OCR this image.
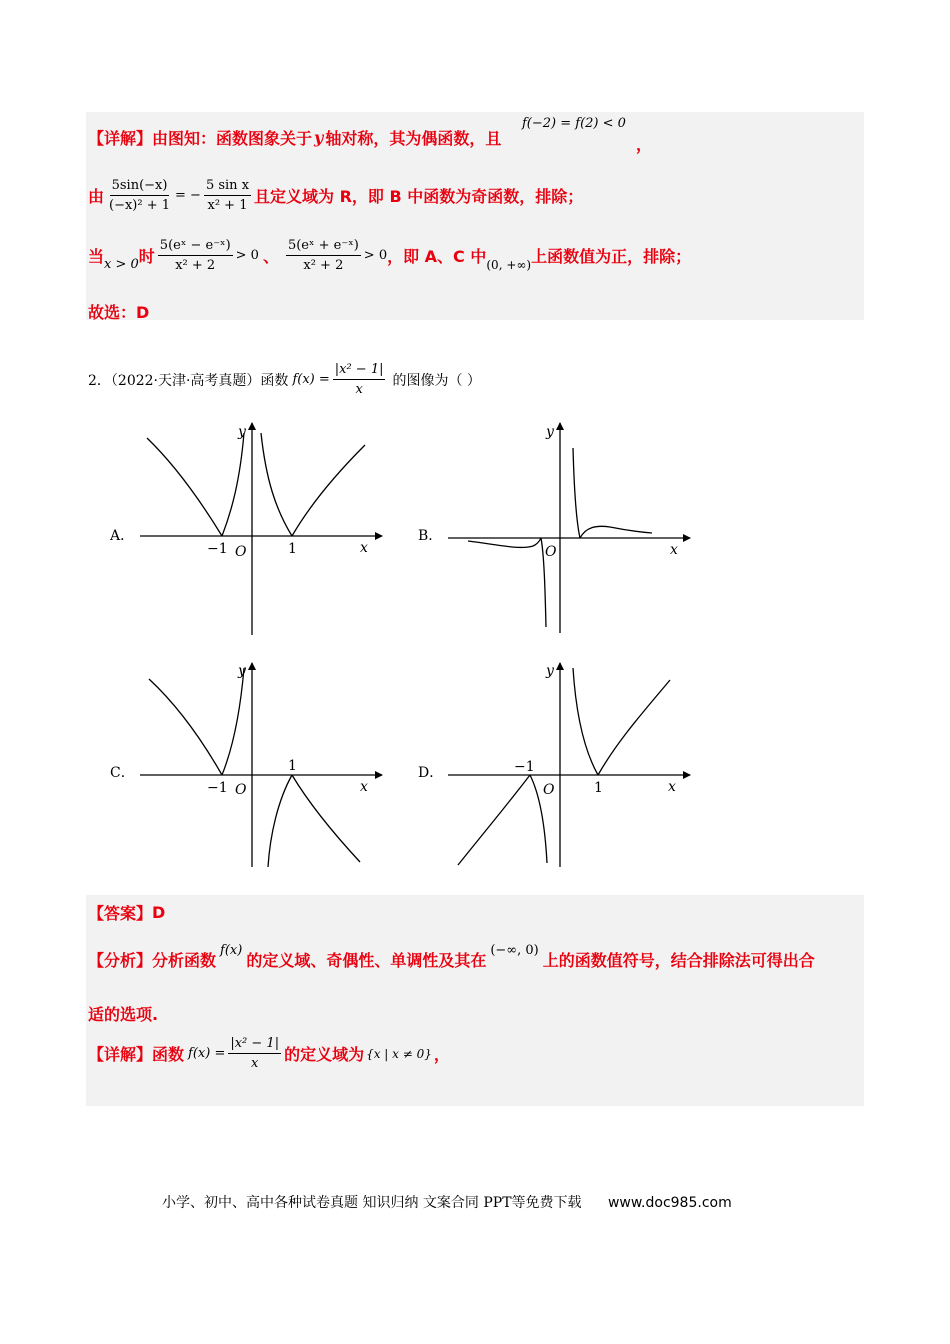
【详解】 由图知：函数图象关于 y 轴对称，其为偶函数，且
f(−2) = f(2) < 0
，
由 $\frac{5\sin(-x)}{\text{(−x)² + 1}}$ = − $\frac{\text{5 sin x}}{\text{x² + 1}}$ 且定义域为 R，即 B 中函数为奇函数，排除；
当 x > 0 时 $\frac{\text{5(eˣ − e⁻ˣ)}}{\text{x² + 2}} > 0$ 、 $\frac{\text{5(eˣ + e⁻ˣ)}}{\text{x² + 2}} > 0$ ，即 A、C 中 (0, +∞) 上函数值为正，排除；
故选：D
2．（2022·天津·高考真题）函数 $f(x) = \frac{\text{|x² − 1|}}{x}$ 的图像为（ ）
A．
y
x
O
−1	1
B．
y
x
O
C．
y
x
O
−1
1	D．
y
x
O
−1
1
【答案】 D
【分析】 分析函数
f(x)
的定义域、奇偶性、单调性及其在
(−∞, 0)
上的函数值符号，结合排除法可得出合
适的选项.
【详解】 函数 $f(x) = \frac{\text{|x² − 1|}}{x}$ 的定义域为 {x | x ≠ 0} ，
小学、初中、高中各种试卷真题 知识归纳 文案合同 PPT等免费下载 www.doc985.com
